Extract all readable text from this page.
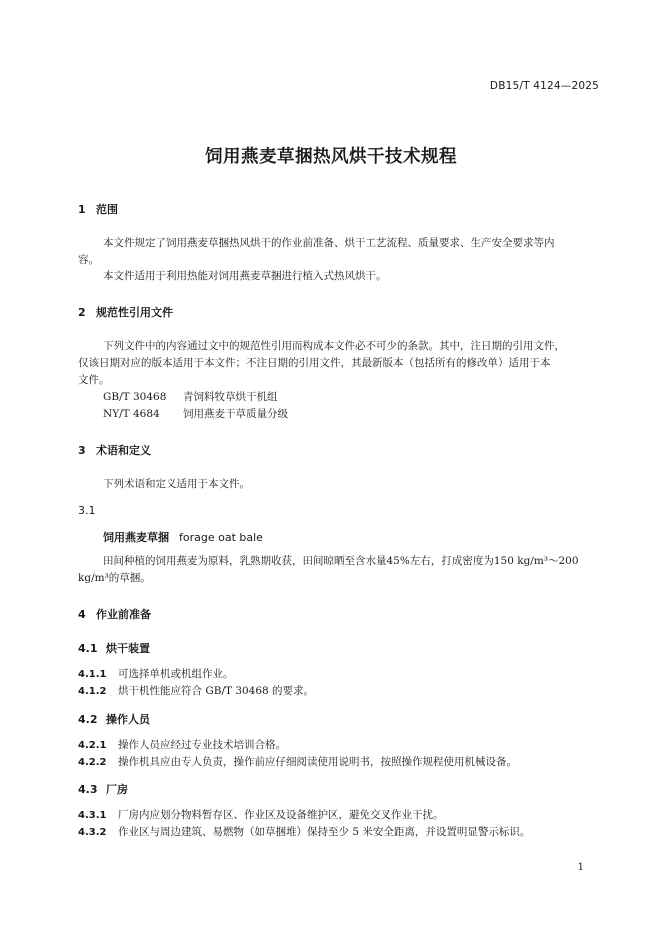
DB15/T 4124—2025

饲用燕麦草捆热风烘干技术规程

1 范围

本文件规定了饲用燕麦草捆热风烘干的作业前准备、烘干工艺流程、质量要求、生产安全要求等内

容。

本文件适用于利用热能对饲用燕麦草捆进行植入式热风烘干。

2 规范性引用文件

下列文件中的内容通过文中的规范性引用而构成本文件必不可少的条款。其中，注日期的引用文件，

仅该日期对应的版本适用于本文件；不注日期的引用文件，其最新版本（包括所有的修改单）适用于本

文件。

GB/T 30468 青饲料牧草烘干机组

NY/T 4684 饲用燕麦干草质量分级

3 术语和定义

下列术语和定义适用于本文件。

3.1

饲用燕麦草捆 forage oat bale

田间种植的饲用燕麦为原料，乳熟期收获，田间晾晒至含水量45%左右，打成密度为150 kg/m³～200

kg/m³的草捆。

4 作业前准备

4.1 烘干装置

4.1.1 可选择单机或机组作业。

4.1.2 烘干机性能应符合 GB/T 30468 的要求。

4.2 操作人员

4.2.1 操作人员应经过专业技术培训合格。

4.2.2 操作机具应由专人负责，操作前应仔细阅读使用说明书，按照操作规程使用机械设备。

4.3 厂房

4.3.1 厂房内应划分物料暂存区、作业区及设备维护区，避免交叉作业干扰。

4.3.2 作业区与周边建筑、易燃物（如草捆堆）保持至少 5 米安全距离，并设置明显警示标识。

1
